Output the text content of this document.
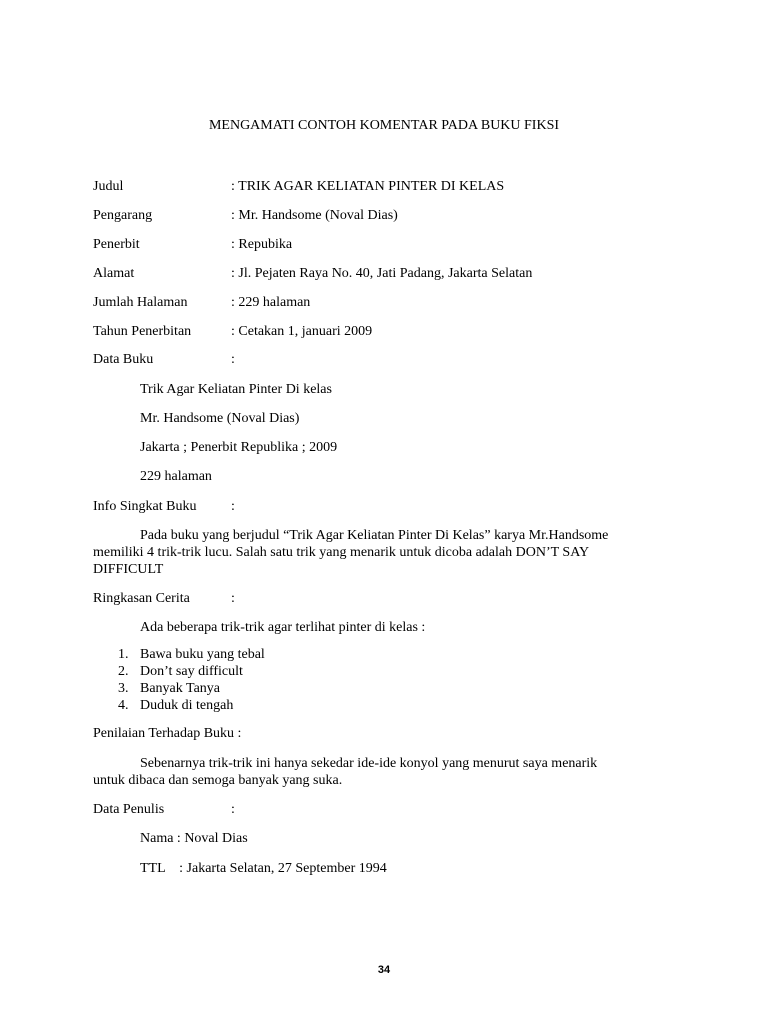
MENGAMATI CONTOH KOMENTAR PADA BUKU FIKSI
Judul	: TRIK AGAR KELIATAN PINTER DI KELAS
Pengarang	: Mr. Handsome (Noval Dias)
Penerbit	: Repubika
Alamat	: Jl. Pejaten Raya No. 40, Jati Padang, Jakarta Selatan
Jumlah Halaman	: 229 halaman
Tahun Penerbitan	: Cetakan 1, januari 2009
Data Buku	:
Trik Agar Keliatan Pinter Di kelas
Mr. Handsome (Noval Dias)
Jakarta ; Penerbit Republika ; 2009
229 halaman
Info Singkat Buku :
Pada buku yang berjudul “Trik Agar Keliatan Pinter Di Kelas” karya Mr.Handsome
memiliki 4 trik-trik lucu. Salah satu trik yang menarik untuk dicoba adalah DON’T SAY
DIFFICULT
Ringkasan Cerita	:
Ada beberapa trik-trik agar terlihat pinter di kelas :
1. Bawa buku yang tebal
2. Don’t say difficult
3. Banyak Tanya
4. Duduk di tengah
Penilaian Terhadap Buku :
Sebenarnya trik-trik ini hanya sekedar ide-ide konyol yang menurut saya menarik
untuk dibaca dan semoga banyak yang suka.
Data Penulis	:
Nama : Noval Dias
TTL    : Jakarta Selatan, 27 September 1994
34
